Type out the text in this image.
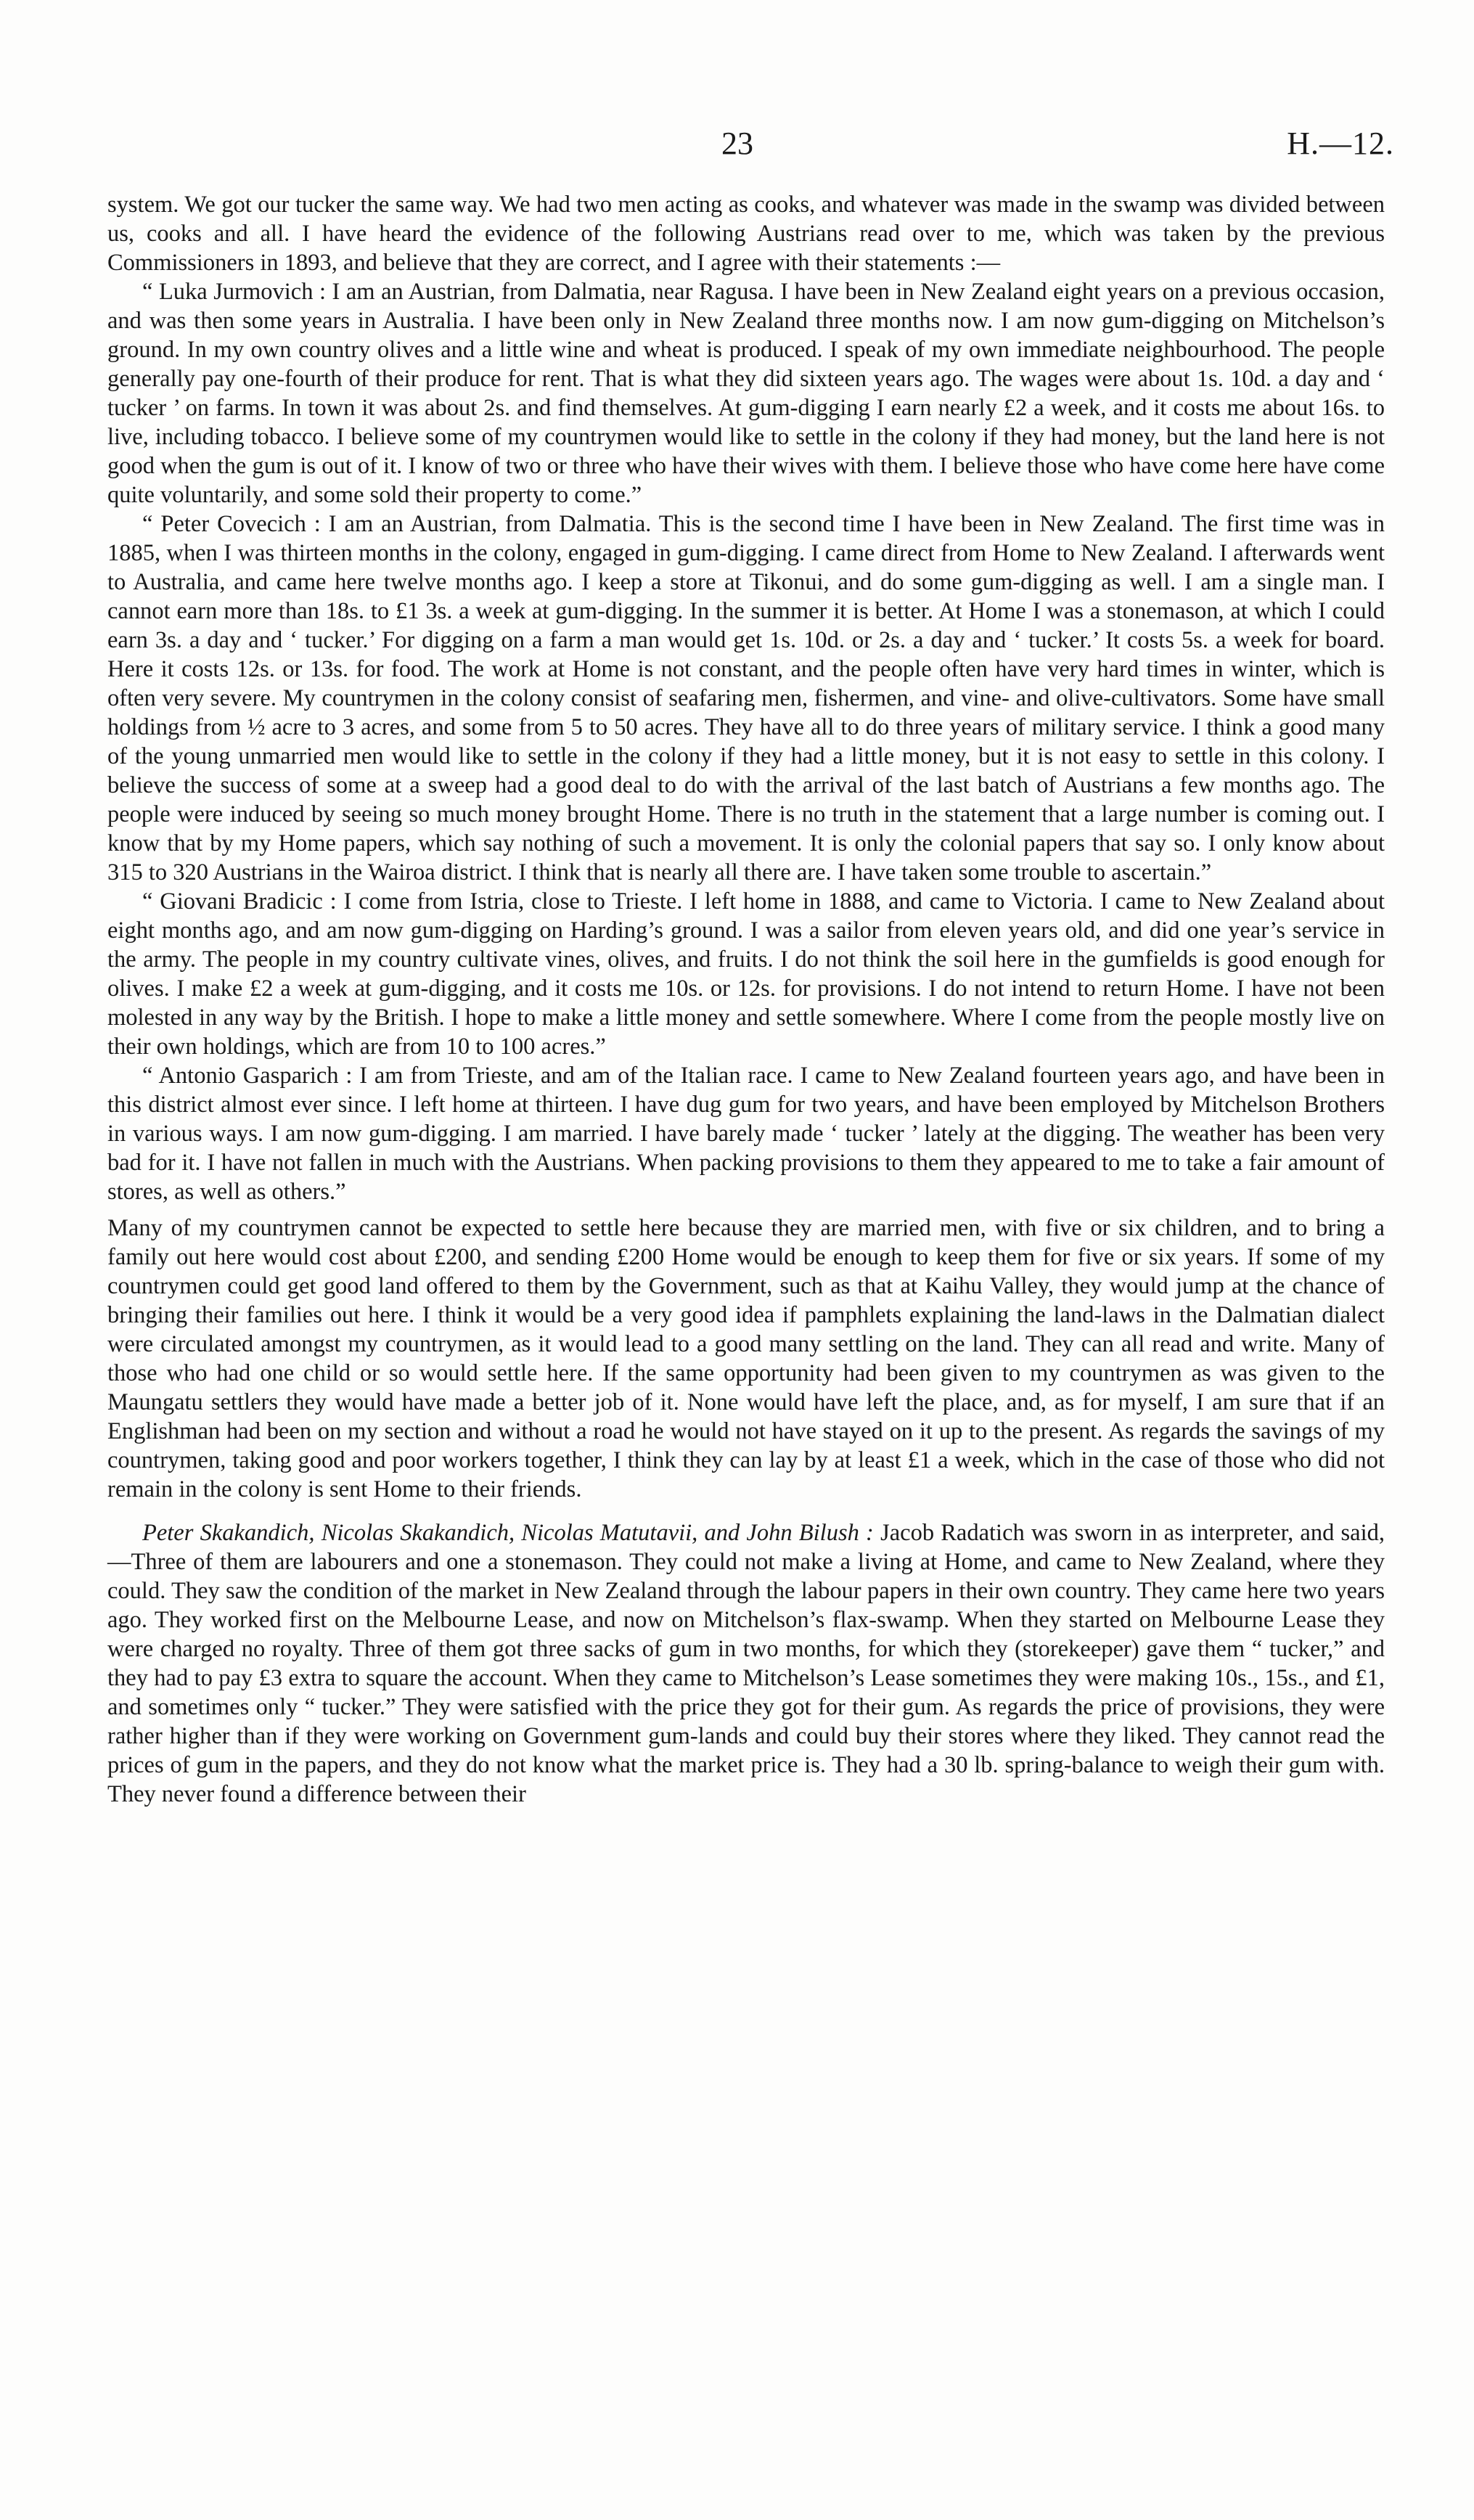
23	H.—12.

system. We got our tucker the same way. We had two men acting as cooks, and whatever was made in the swamp was divided between us, cooks and all. I have heard the evidence of the following Austrians read over to me, which was taken by the previous Commissioners in 1893, and believe that they are correct, and I agree with their statements :—

“ Luka Jurmovich : I am an Austrian, from Dalmatia, near Ragusa. I have been in New Zealand eight years on a previous occasion, and was then some years in Australia. I have been only in New Zealand three months now. I am now gum-digging on Mitchelson’s ground. In my own country olives and a little wine and wheat is produced. I speak of my own immediate neighbourhood. The people generally pay one-fourth of their produce for rent. That is what they did sixteen years ago. The wages were about 1s. 10d. a day and ‘ tucker ’ on farms. In town it was about 2s. and find themselves. At gum-digging I earn nearly £2 a week, and it costs me about 16s. to live, including tobacco. I believe some of my countrymen would like to settle in the colony if they had money, but the land here is not good when the gum is out of it. I know of two or three who have their wives with them. I believe those who have come here have come quite voluntarily, and some sold their property to come.”

“ Peter Covecich : I am an Austrian, from Dalmatia. This is the second time I have been in New Zealand. The first time was in 1885, when I was thirteen months in the colony, engaged in gum-digging. I came direct from Home to New Zealand. I afterwards went to Australia, and came here twelve months ago. I keep a store at Tikonui, and do some gum-digging as well. I am a single man. I cannot earn more than 18s. to £1 3s. a week at gum-digging. In the summer it is better. At Home I was a stonemason, at which I could earn 3s. a day and ‘ tucker.’ For digging on a farm a man would get 1s. 10d. or 2s. a day and ‘ tucker.’ It costs 5s. a week for board. Here it costs 12s. or 13s. for food. The work at Home is not constant, and the people often have very hard times in winter, which is often very severe. My countrymen in the colony consist of seafaring men, fishermen, and vine- and olive-cultivators. Some have small holdings from ½ acre to 3 acres, and some from 5 to 50 acres. They have all to do three years of military service. I think a good many of the young unmarried men would like to settle in the colony if they had a little money, but it is not easy to settle in this colony. I believe the success of some at a sweep had a good deal to do with the arrival of the last batch of Austrians a few months ago. The people were induced by seeing so much money brought Home. There is no truth in the statement that a large number is coming out. I know that by my Home papers, which say nothing of such a movement. It is only the colonial papers that say so. I only know about 315 to 320 Austrians in the Wairoa district. I think that is nearly all there are. I have taken some trouble to ascertain.”

“ Giovani Bradicic : I come from Istria, close to Trieste. I left home in 1888, and came to Victoria. I came to New Zealand about eight months ago, and am now gum-digging on Harding’s ground. I was a sailor from eleven years old, and did one year’s service in the army. The people in my country cultivate vines, olives, and fruits. I do not think the soil here in the gumfields is good enough for olives. I make £2 a week at gum-digging, and it costs me 10s. or 12s. for provisions. I do not intend to return Home. I have not been molested in any way by the British. I hope to make a little money and settle somewhere. Where I come from the people mostly live on their own holdings, which are from 10 to 100 acres.”

“ Antonio Gasparich : I am from Trieste, and am of the Italian race. I came to New Zealand fourteen years ago, and have been in this district almost ever since. I left home at thirteen. I have dug gum for two years, and have been employed by Mitchelson Brothers in various ways. I am now gum-digging. I am married. I have barely made ‘ tucker ’ lately at the digging. The weather has been very bad for it. I have not fallen in much with the Austrians. When packing provisions to them they appeared to me to take a fair amount of stores, as well as others.”

Many of my countrymen cannot be expected to settle here because they are married men, with five or six children, and to bring a family out here would cost about £200, and sending £200 Home would be enough to keep them for five or six years. If some of my countrymen could get good land offered to them by the Government, such as that at Kaihu Valley, they would jump at the chance of bringing their families out here. I think it would be a very good idea if pamphlets explaining the land-laws in the Dalmatian dialect were circulated amongst my countrymen, as it would lead to a good many settling on the land. They can all read and write. Many of those who had one child or so would settle here. If the same opportunity had been given to my countrymen as was given to the Maungatu settlers they would have made a better job of it. None would have left the place, and, as for myself, I am sure that if an Englishman had been on my section and without a road he would not have stayed on it up to the present. As regards the savings of my countrymen, taking good and poor workers together, I think they can lay by at least £1 a week, which in the case of those who did not remain in the colony is sent Home to their friends.

Peter Skakandich, Nicolas Skakandich, Nicolas Matutavii, and John Bilush : Jacob Radatich was sworn in as interpreter, and said,—Three of them are labourers and one a stonemason. They could not make a living at Home, and came to New Zealand, where they could. They saw the condition of the market in New Zealand through the labour papers in their own country. They came here two years ago. They worked first on the Melbourne Lease, and now on Mitchelson’s flax-swamp. When they started on Melbourne Lease they were charged no royalty. Three of them got three sacks of gum in two months, for which they (storekeeper) gave them “ tucker,” and they had to pay £3 extra to square the account. When they came to Mitchelson’s Lease sometimes they were making 10s., 15s., and £1, and sometimes only “ tucker.” They were satisfied with the price they got for their gum. As regards the price of provisions, they were rather higher than if they were working on Government gum-lands and could buy their stores where they liked. They cannot read the prices of gum in the papers, and they do not know what the market price is. They had a 30 lb. spring-balance to weigh their gum with. They never found a difference between their
